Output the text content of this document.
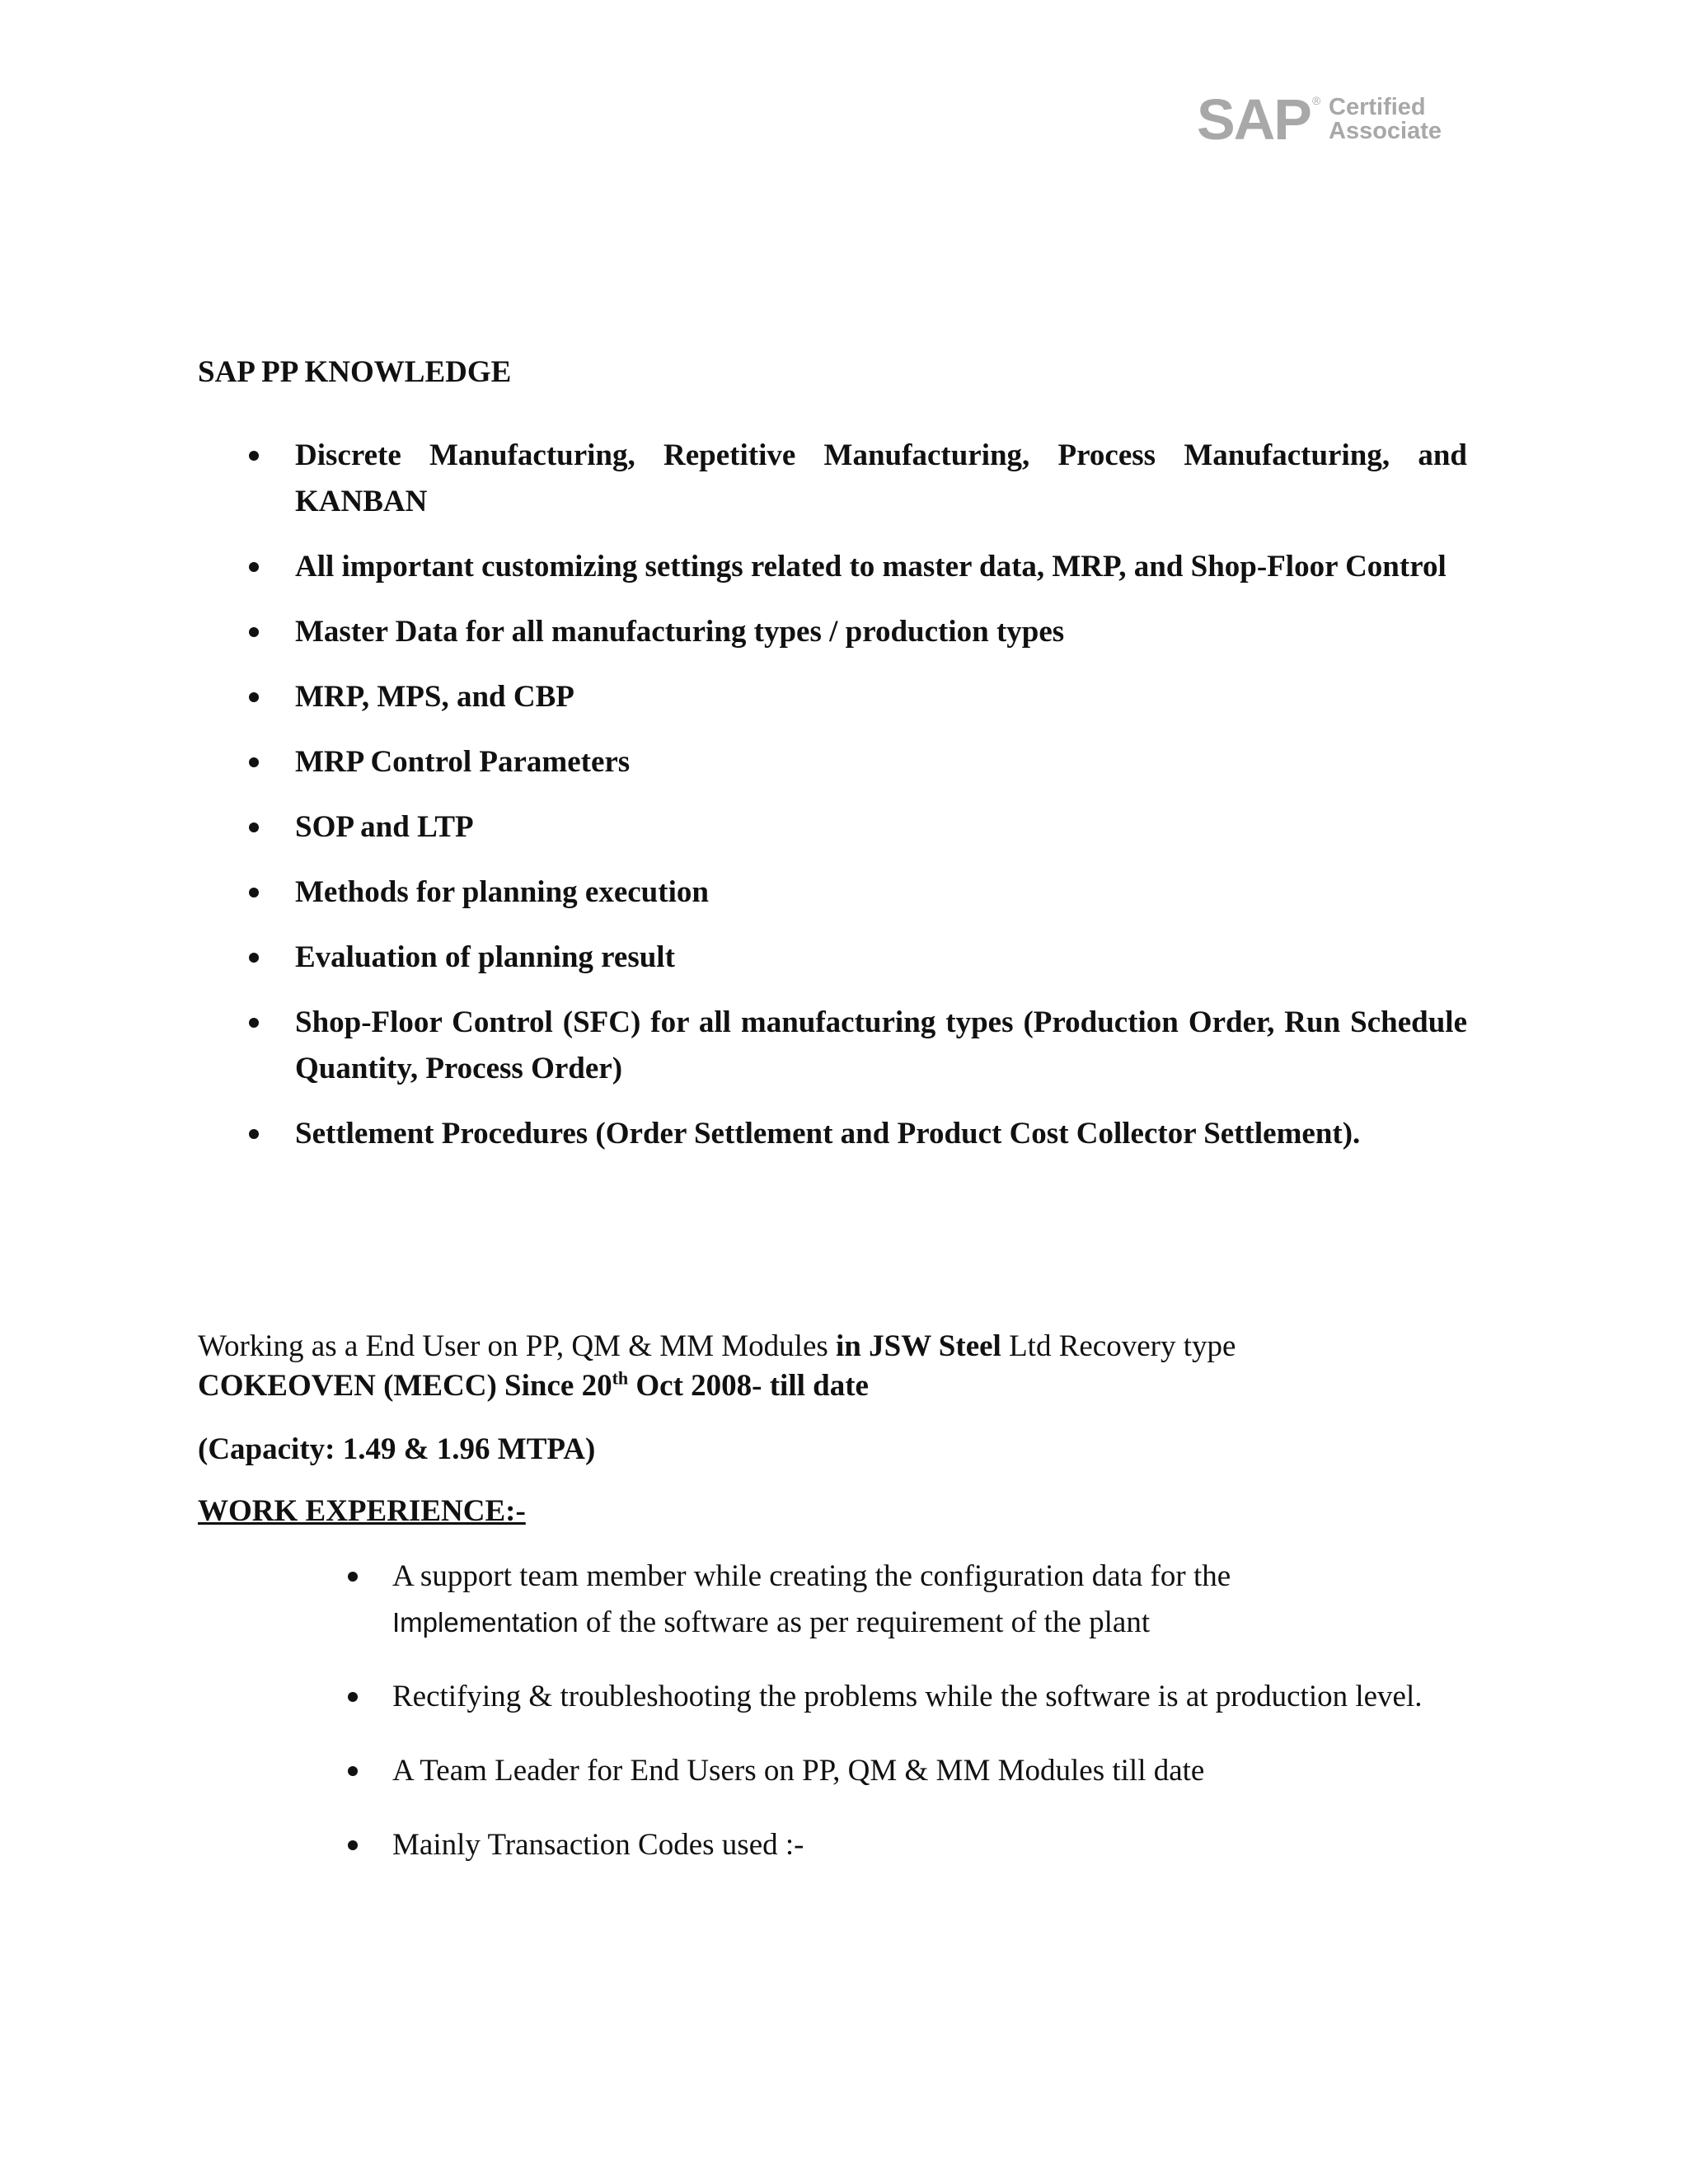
SAP ® Certified
Associate
SAP PP KNOWLEDGE
Discrete Manufacturing, Repetitive Manufacturing, Process Manufacturing, and KANBAN
All important customizing settings related to master data, MRP, and Shop-Floor Control
Master Data for all manufacturing types / production types
MRP, MPS, and CBP
MRP Control Parameters
SOP and LTP
Methods for planning execution
Evaluation of planning result
Shop-Floor Control (SFC) for all manufacturing types (Production Order, Run Schedule Quantity, Process Order)
Settlement Procedures (Order Settlement and Product Cost Collector Settlement).

Working as a End User on PP, QM & MM Modules in JSW Steel Ltd Recovery type

COKEOVEN (MECC) Since 20th Oct 2008- till date

(Capacity: 1.49 & 1.96 MTPA)

WORK EXPERIENCE:-
A support team member while creating the configuration data for the
Implementation of the software as per requirement of the plant
Rectifying & troubleshooting the problems while the software is at production level.
A Team Leader for End Users on PP, QM & MM Modules till date
Mainly Transaction Codes used :-
